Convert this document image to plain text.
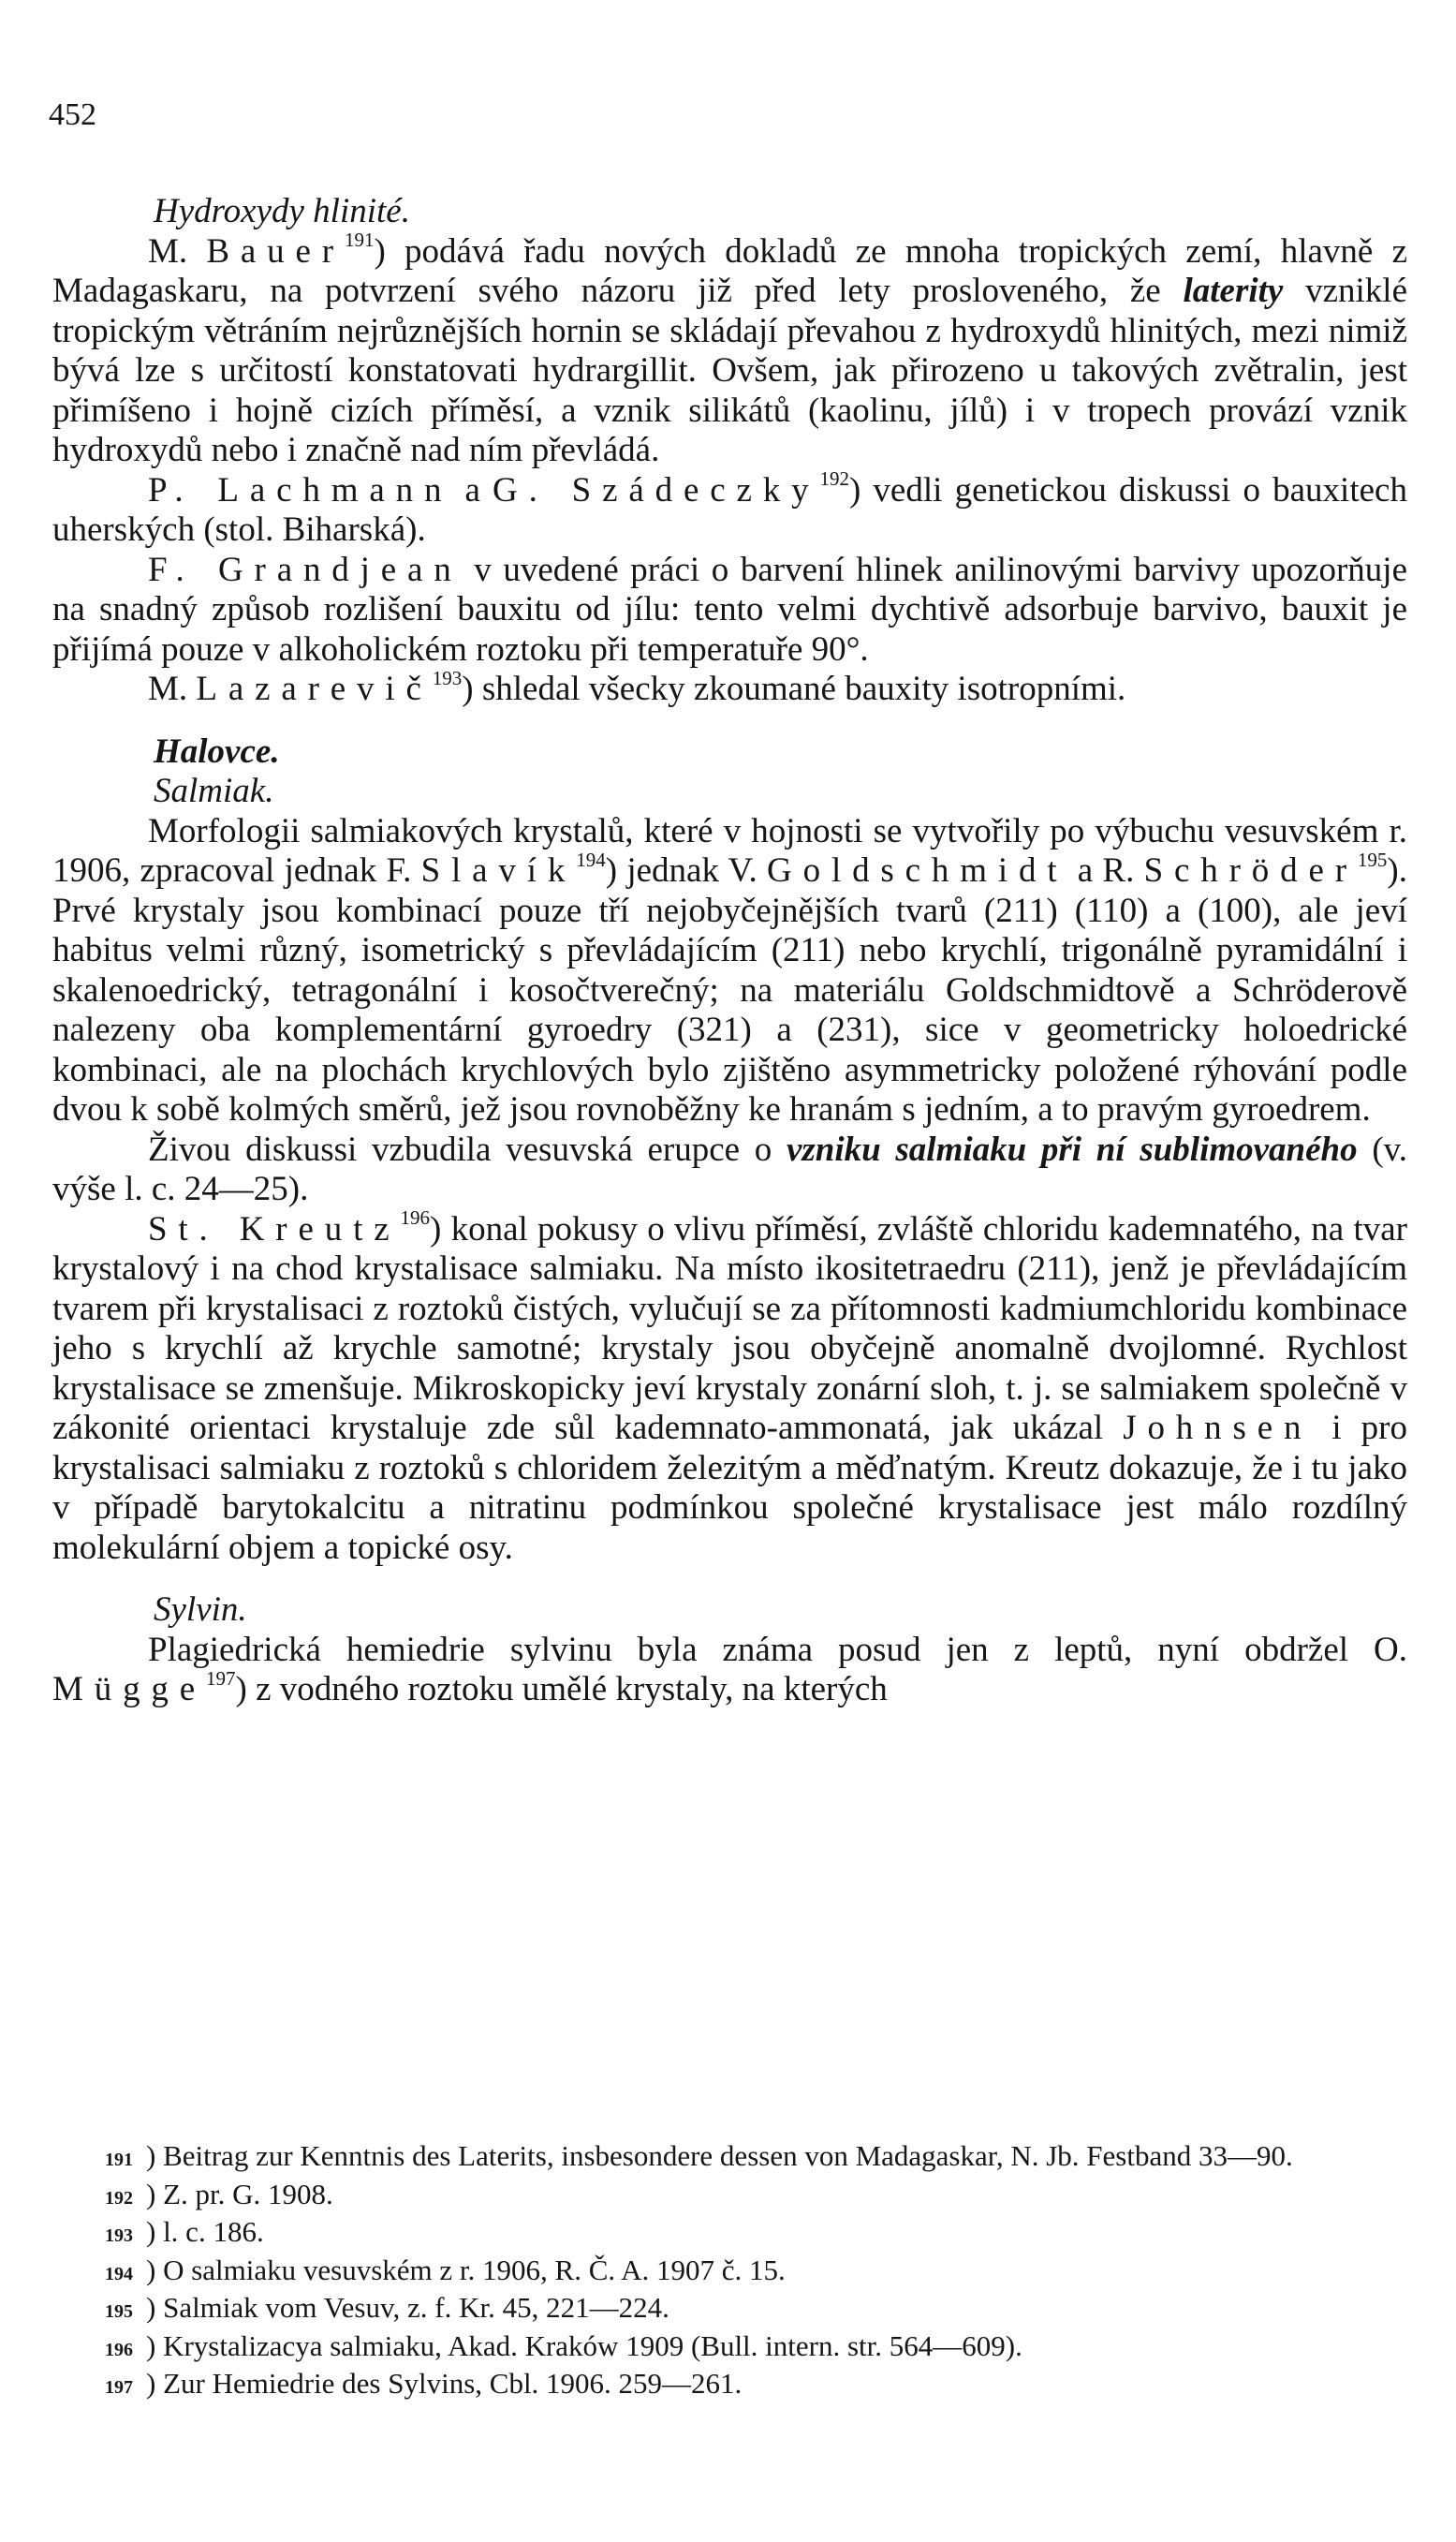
452

Hydroxydy hlinité.

M. Bauer$^{191}$) podává řadu nových dokladů ze mnoha tropických zemí, hlavně z Madagaskaru, na potvrzení svého názoru již před lety prosloveného, že laterity vzniklé tropickým větráním nejrůznějších hornin se skládají převahou z hydroxydů hlinitých, mezi nimiž bývá lze s určitostí konstatovati hydrargillit. Ovšem, jak přirozeno u takových zvětralin, jest přimíšeno i hojně cizích příměsí, a vznik silikátů (kaolinu, jílů) i v tropech provází vznik hydroxydů nebo i značně nad ním převládá.

P. Lachmann a G. Szádeczky$^{192}$) vedli genetickou diskussi o bauxitech uherských (stol. Biharská).

F. Grandjean v uvedené práci o barvení hlinek anilinovými barvivy upozorňuje na snadný způsob rozlišení bauxitu od jílu: tento velmi dychtivě adsorbuje barvivo, bauxit je přijímá pouze v alkoholickém roztoku při temperatuře 90°.

M. Lazarevič$^{193}$) shledal všecky zkoumané bauxity isotropními.

Halovce.

Salmiak.

Morfologii salmiakových krystalů, které v hojnosti se vytvořily po výbuchu vesuvském r. 1906, zpracoval jednak F. Slavík$^{194}$) jednak V. Goldschmidt a R. Schröder$^{195}$). Prvé krystaly jsou kombinací pouze tří nejobyčejnějších tvarů (211) (110) a (100), ale jeví habitus velmi různý, isometrický s převládajícím (211) nebo krychlí, trigonálně pyramidální i skalenoedrický, tetragonální i kosočtverečný; na materiálu Goldschmidtově a Schröderově nalezeny oba komplementární gyroedry (321) a (231), sice v geometricky holoedrické kombinaci, ale na plochách krychlových bylo zjištěno asymmetricky položené rýhování podle dvou k sobě kolmých směrů, jež jsou rovnoběžny ke hranám s jedním, a to pravým gyroedrem.

Živou diskussi vzbudila vesuvská erupce o vzniku salmiaku při ní sublimovaného (v. výše l. c. 24—25).

St. Kreutz$^{196}$) konal pokusy o vlivu příměsí, zvláště chloridu kademnatého, na tvar krystalový i na chod krystalisace salmiaku. Na místo ikositetraedru (211), jenž je převládajícím tvarem při krystalisaci z roztoků čistých, vylučují se za přítomnosti kadmiumchloridu kombinace jeho s krychlí až krychle samotné; krystaly jsou obyčejně anomalně dvojlomné. Rychlost krystalisace se zmenšuje. Mikroskopicky jeví krystaly zonární sloh, t. j. se salmiakem společně v zákonité orientaci krystaluje zde sůl kademnato-ammonatá, jak ukázal Johnsen i pro krystalisaci salmiaku z roztoků s chloridem železitým a měďnatým. Kreutz dokazuje, že i tu jako v případě barytokalcitu a nitratinu podmínkou společné krystalisace jest málo rozdílný molekulární objem a topické osy.

Sylvin.

Plagiedrická hemiedrie sylvinu byla známa posud jen z leptů, nyní obdržel O. Mügge$^{197}$) z vodného roztoku umělé krystaly, na kterých

191 ) Beitrag zur Kenntnis des Laterits, insbesondere dessen von Madagaskar, N. Jb. Festband 33—90.

192 ) Z. pr. G. 1908.

193 ) l. c. 186.

194 ) O salmiaku vesuvském z r. 1906, R. Č. A. 1907 č. 15.

195 ) Salmiak vom Vesuv, z. f. Kr. 45, 221—224.

196 ) Krystalizacya salmiaku, Akad. Kraków 1909 (Bull. intern. str. 564—609).

197 ) Zur Hemiedrie des Sylvins, Cbl. 1906. 259—261.
